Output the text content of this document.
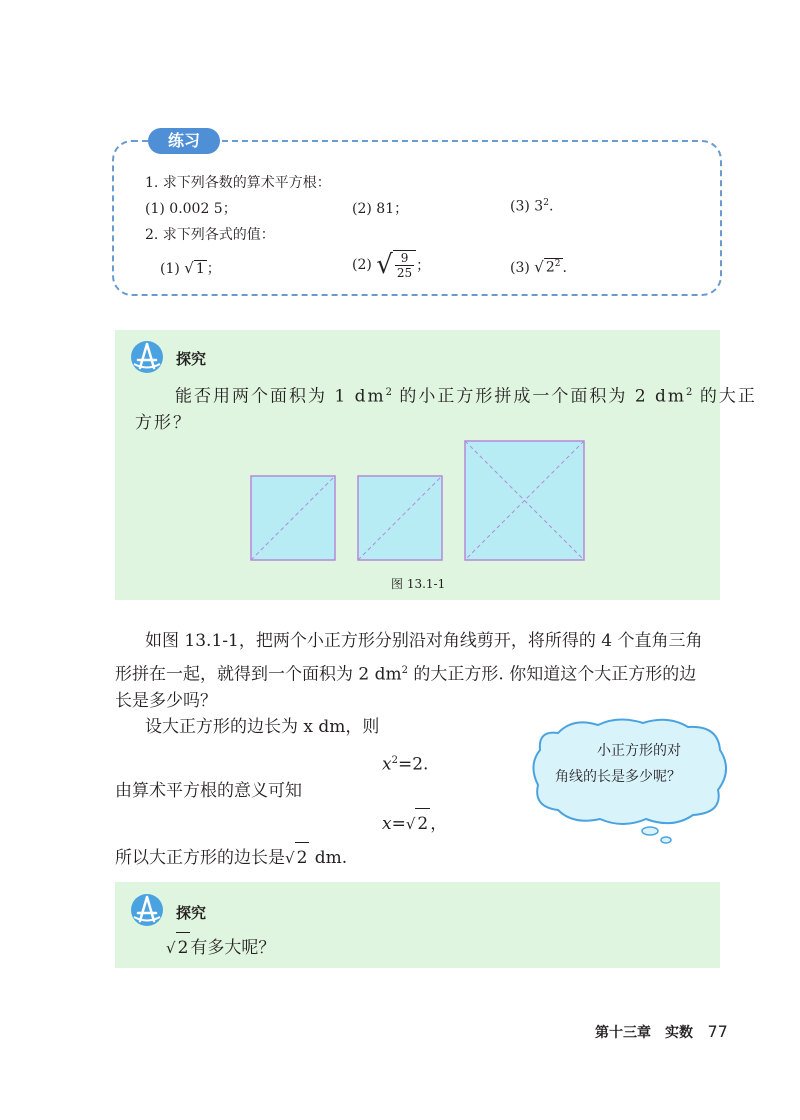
练习
1. 求下列各数的算术平方根：
(1) 0.002 5；	(2) 81；	(3) $3^2$.
2. 求下列各式的值：
(1) √ 1 ；	(2) √ $\frac{9}{25}$ ；	(3) √ $2^2$ .
探究
能否用两个面积为 1 $dm^2$ 的小正方形拼成一个面积为 2 $dm^2$ 的大正
方形？
图 13.1-1
如图 13.1-1，把两个小正方形分别沿对角线剪开，将所得的 4 个直角三角
形拼在一起，就得到一个面积为 2 $dm^2$ 的大正方形. 你知道这个大正方形的边
长是多少吗？
设大正方形的边长为 x dm，则
$x^2=2$.
由算术平方根的意义可知
x=√ 2 ，
所以大正方形的边长是√ 2 dm.
小正方形的对
角线的长是多少呢？
探究
√ 2 有多大呢？
第十三章　实数 77
